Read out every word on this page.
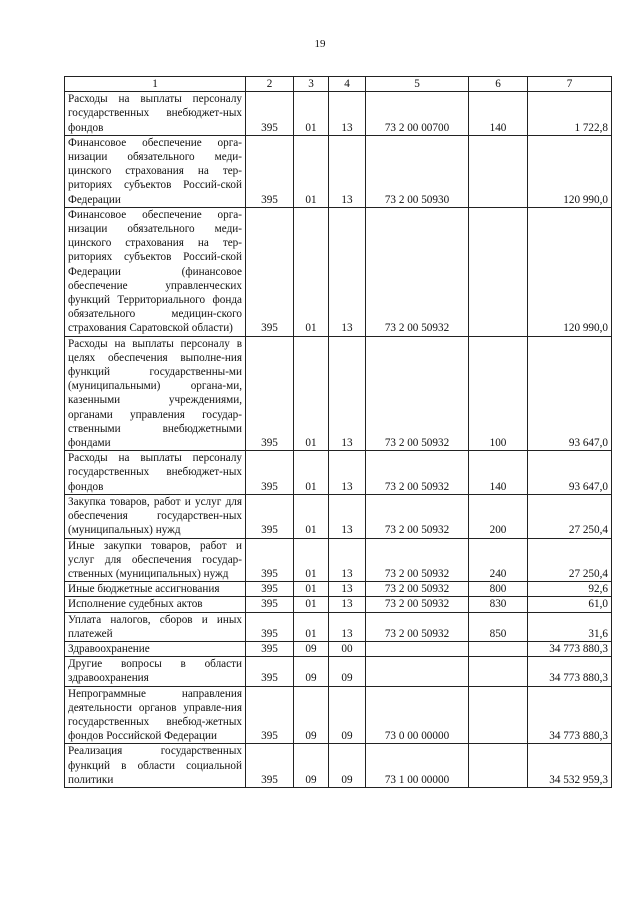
19
1	2	3	4	5	6	7
Расходы на выплаты персоналу государственных внебюджет-ных фондов	395	01	13	73 2 00 00700	140	1 722,8
Финансовое обеспечение орга-низации обязательного меди-цинского страхования на тер-риториях субъектов Россий-ской Федерации	395	01	13	73 2 00 50930		120 990,0
Финансовое обеспечение орга-низации обязательного меди-цинского страхования на тер-риториях субъектов Россий-ской Федерации (финансовое обеспечение управленческих функций Территориального фонда обязательного медицин-ского страхования Саратовской области)	395	01	13	73 2 00 50932		120 990,0
Расходы на выплаты персоналу в целях обеспечения выполне-ния функций государственны-ми (муниципальными) органа-ми, казенными учреждениями, органами управления государ-ственными внебюджетными фондами	395	01	13	73 2 00 50932	100	93 647,0
Расходы на выплаты персоналу государственных внебюджет-ных фондов	395	01	13	73 2 00 50932	140	93 647,0
Закупка товаров, работ и услуг для обеспечения государствен-ных (муниципальных) нужд	395	01	13	73 2 00 50932	200	27 250,4
Иные закупки товаров, работ и услуг для обеспечения государ-ственных (муниципальных) нужд	395	01	13	73 2 00 50932	240	27 250,4
Иные бюджетные ассигнования	395	01	13	73 2 00 50932	800	92,6
Исполнение судебных актов	395	01	13	73 2 00 50932	830	61,0
Уплата налогов, сборов и иных платежей	395	01	13	73 2 00 50932	850	31,6
Здравоохранение	395	09	00			34 773 880,3
Другие вопросы в области здравоохранения	395	09	09			34 773 880,3
Непрограммные направления деятельности органов управле-ния государственных внебюд-жетных фондов Российской Федерации	395	09	09	73 0 00 00000		34 773 880,3
Реализация государственных функций в области социальной политики	395	09	09	73 1 00 00000		34 532 959,3
